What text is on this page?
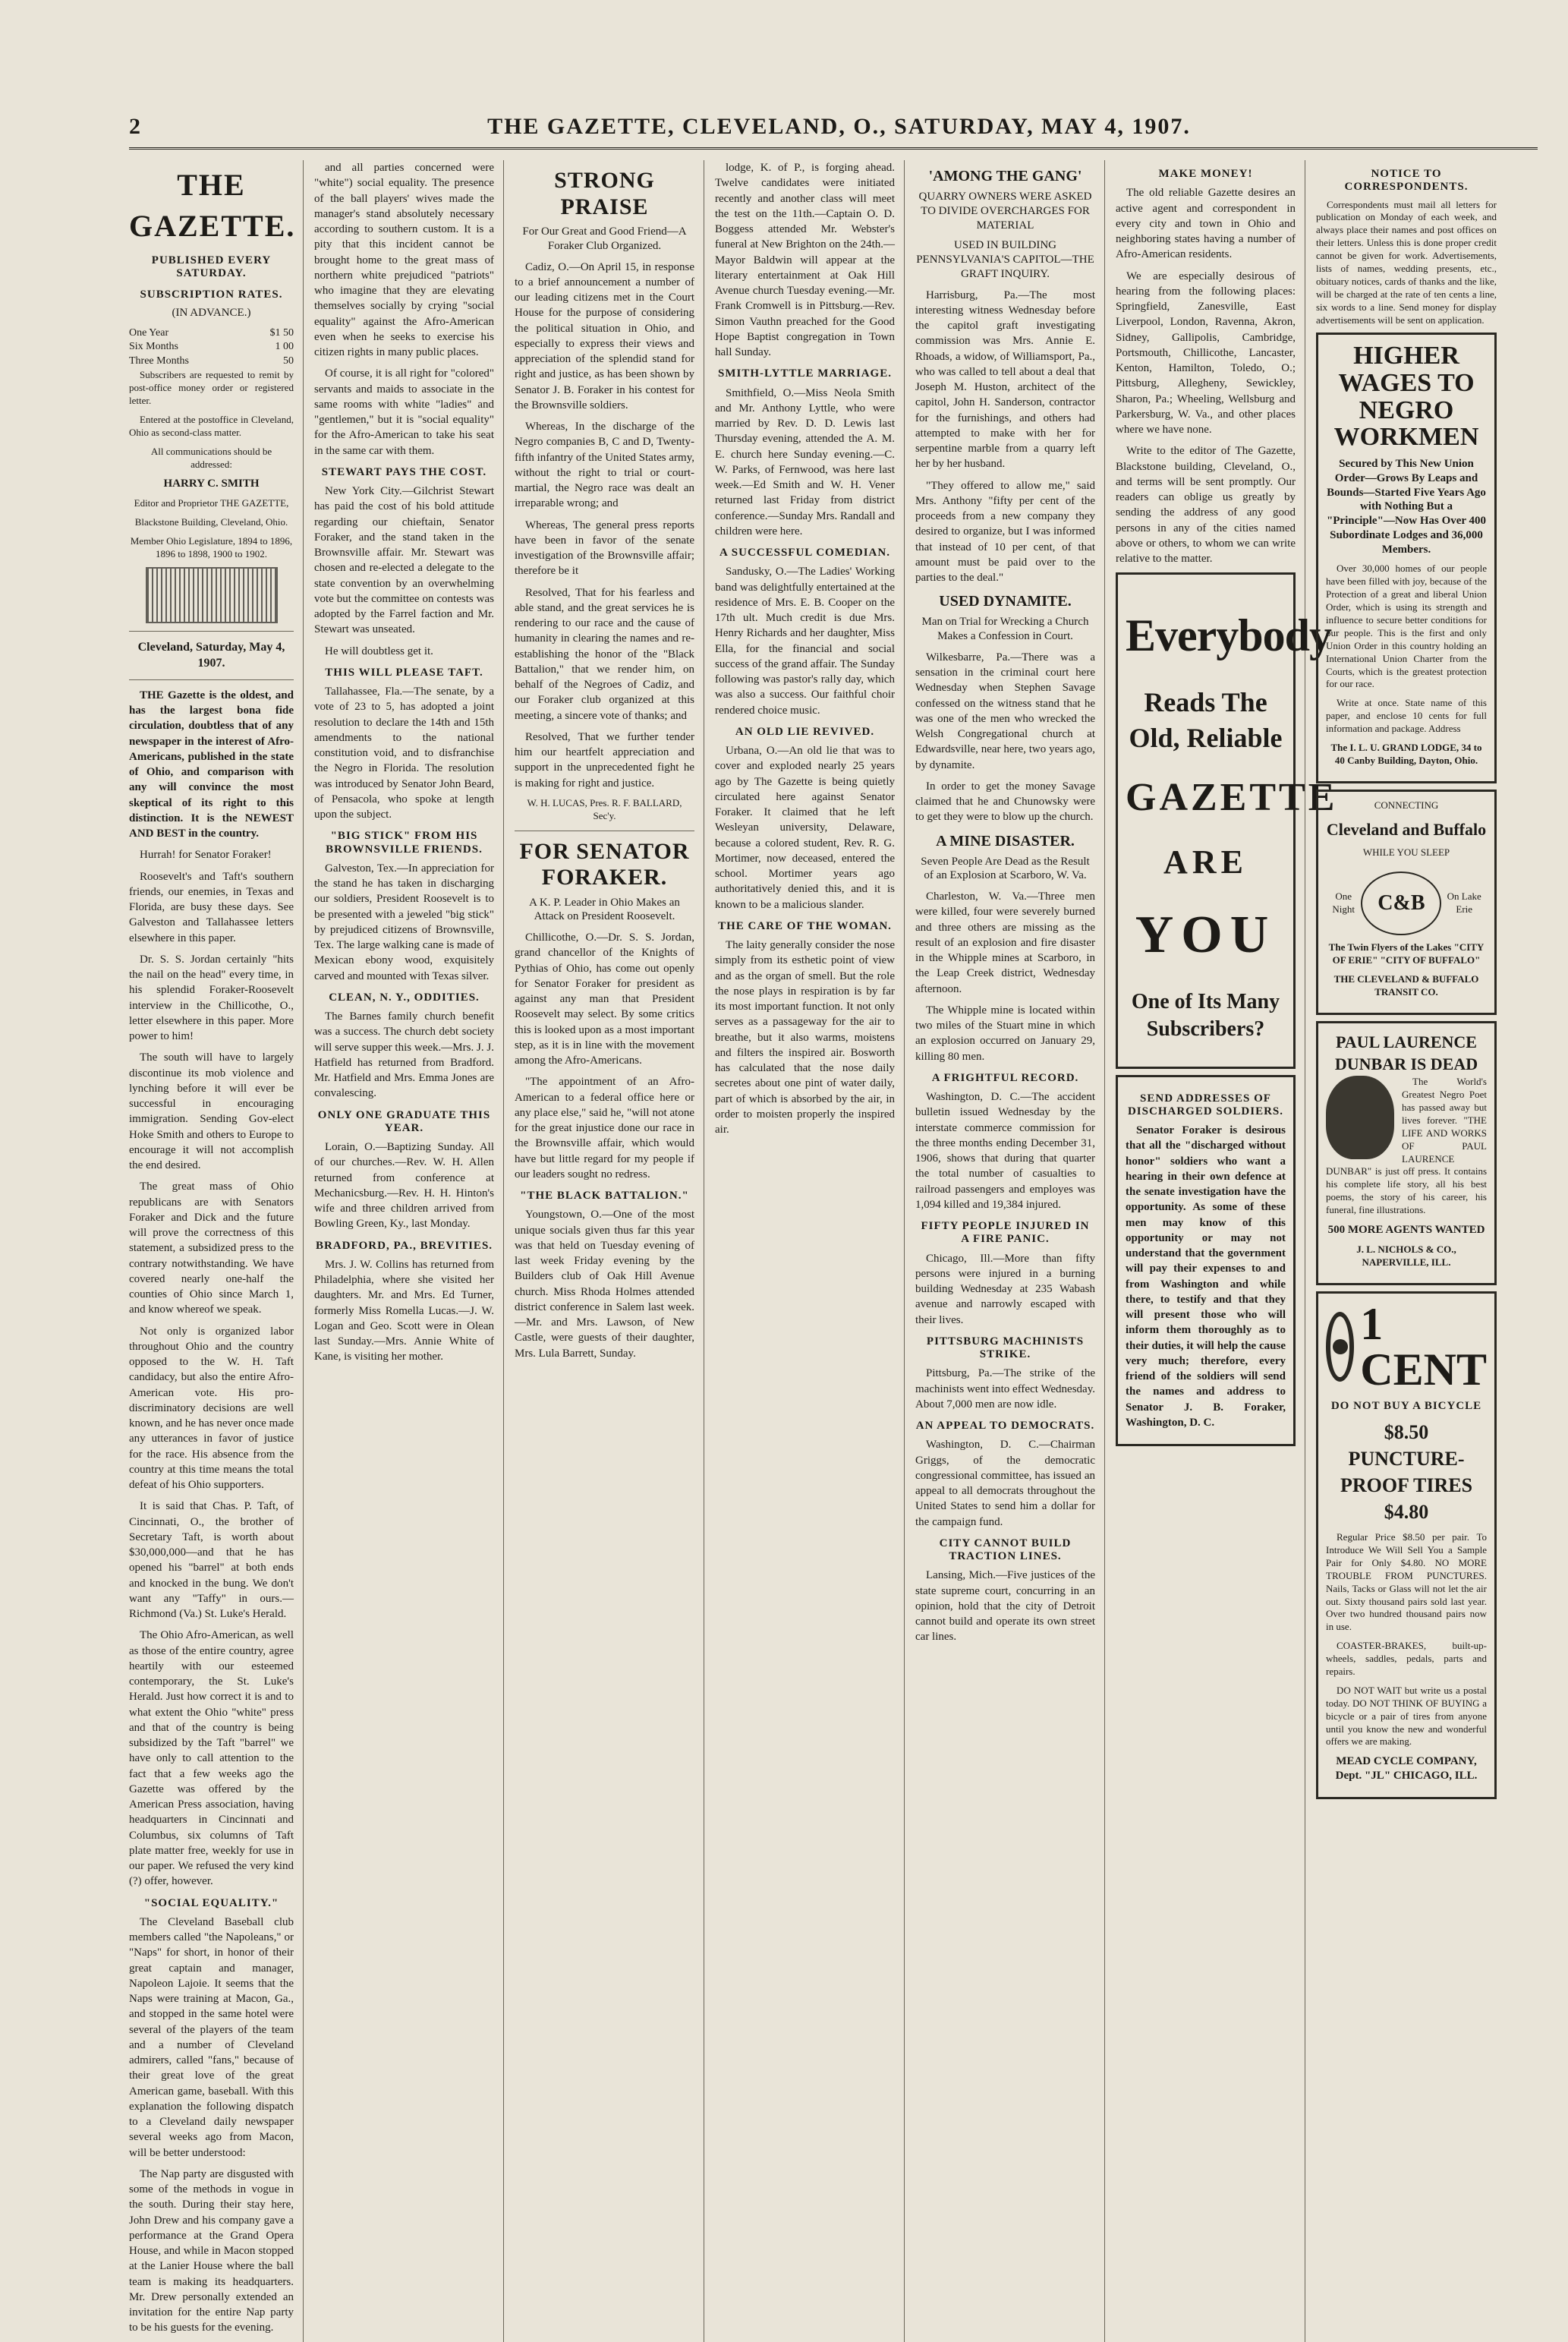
2	THE GAZETTE, CLEVELAND, O., SATURDAY, MAY 4, 1907.
THE GAZETTE.
PUBLISHED EVERY SATURDAY.
SUBSCRIPTION RATES.
(IN ADVANCE.)
One Year	$1 50
Six Months	1 00
Three Months	50

Subscribers are requested to remit by post-office money order or registered letter.

Entered at the postoffice in Cleveland, Ohio as second-class matter.

All communications should be addressed:
HARRY C. SMITH
Editor and Proprietor THE GAZETTE,
Blackstone Building, Cleveland, Ohio.
Member Ohio Legislature, 1894 to 1896, 1896 to 1898, 1900 to 1902.
Cleveland, Saturday, May 4, 1907.

THE Gazette is the oldest, and has the largest bona fide circulation, doubtless that of any newspaper in the interest of Afro-Americans, published in the state of Ohio, and comparison with any will convince the most skeptical of its right to this distinction. It is the NEWEST AND BEST in the country.

Hurrah! for Senator Foraker!

Roosevelt's and Taft's southern friends, our enemies, in Texas and Florida, are busy these days. See Galveston and Tallahassee letters elsewhere in this paper.

Dr. S. S. Jordan certainly "hits the nail on the head" every time, in his splendid Foraker-Roosevelt interview in the Chillicothe, O., letter elsewhere in this paper. More power to him!

The south will have to largely discontinue its mob violence and lynching before it will ever be successful in encouraging immigration. Sending Gov-elect Hoke Smith and others to Europe to encourage it will not accomplish the end desired.

The great mass of Ohio republicans are with Senators Foraker and Dick and the future will prove the correctness of this statement, a subsidized press to the contrary notwithstanding. We have covered nearly one-half the counties of Ohio since March 1, and know whereof we speak.

Not only is organized labor throughout Ohio and the country opposed to the W. H. Taft candidacy, but also the entire Afro-American vote. His pro-discriminatory decisions are well known, and he has never once made any utterances in favor of justice for the race. His absence from the country at this time means the total defeat of his Ohio supporters.

It is said that Chas. P. Taft, of Cincinnati, O., the brother of Secretary Taft, is worth about $30,000,000—and that he has opened his "barrel" at both ends and knocked in the bung. We don't want any "Taffy" in ours.—Richmond (Va.) St. Luke's Herald.

The Ohio Afro-American, as well as those of the entire country, agree heartily with our esteemed contemporary, the St. Luke's Herald. Just how correct it is and to what extent the Ohio "white" press and that of the country is being subsidized by the Taft "barrel" we have only to call attention to the fact that a few weeks ago the Gazette was offered by the American Press association, having headquarters in Cincinnati and Columbus, six columns of Taft plate matter free, weekly for use in our paper. We refused the very kind (?) offer, however.

"SOCIAL EQUALITY."

The Cleveland Baseball club members called "the Napoleans," or "Naps" for short, in honor of their great captain and manager, Napoleon Lajoie. It seems that the Naps were training at Macon, Ga., and stopped in the same hotel were several of the players of the team and a number of Cleveland admirers, called "fans," because of their great love of the great American game, baseball. With this explanation the following dispatch to a Cleveland daily newspaper several weeks ago from Macon, will be better understood:

The Nap party are disgusted with some of the methods in vogue in the south. During their stay here, John Drew and his company gave a performance at the Grand Opera House, and while in Macon stopped at the Lanier House where the ball team is making its headquarters. Mr. Drew personally extended an invitation for the entire Nap party to be his guests for the evening.

and all parties concerned were "white") social equality. The presence of the ball players' wives made the manager's stand absolutely necessary according to southern custom. It is a pity that this incident cannot be brought home to the great mass of northern white prejudiced "patriots" who imagine that they are elevating themselves socially by crying "social equality" against the Afro-American even when he seeks to exercise his citizen rights in many public places.

Of course, it is all right for "colored" servants and maids to associate in the same rooms with white "ladies" and "gentlemen," but it is "social equality" for the Afro-American to take his seat in the same car with them.

STEWART PAYS THE COST.

New York City.—Gilchrist Stewart has paid the cost of his bold attitude regarding our chieftain, Senator Foraker, and the stand taken in the Brownsville affair. Mr. Stewart was chosen and re-elected a delegate to the state convention by an overwhelming vote but the committee on contests was adopted by the Farrel faction and Mr. Stewart was unseated.

He will doubtless get it.

THIS WILL PLEASE TAFT.

Tallahassee, Fla.—The senate, by a vote of 23 to 5, has adopted a joint resolution to declare the 14th and 15th amendments to the national constitution void, and to disfranchise the Negro in Florida. The resolution was introduced by Senator John Beard, of Pensacola, who spoke at length upon the subject.

"BIG STICK" FROM HIS BROWNSVILLE FRIENDS.

Galveston, Tex.—In appreciation for the stand he has taken in discharging our soldiers, President Roosevelt is to be presented with a jeweled "big stick" by prejudiced citizens of Brownsville, Tex. The large walking cane is made of Mexican ebony wood, exquisitely carved and mounted with Texas silver.

CLEAN, N. Y., ODDITIES.

The Barnes family church benefit was a success. The church debt society will serve supper this week.—Mrs. J. J. Hatfield has returned from Bradford. Mr. Hatfield and Mrs. Emma Jones are convalescing.

ONLY ONE GRADUATE THIS YEAR.

Lorain, O.—Baptizing Sunday. All of our churches.—Rev. W. H. Allen returned from conference at Mechanicsburg.—Rev. H. H. Hinton's wife and three children arrived from Bowling Green, Ky., last Monday.

BRADFORD, PA., BREVITIES.

Mrs. J. W. Collins has returned from Philadelphia, where she visited her daughters. Mr. and Mrs. Ed Turner, formerly Miss Romella Lucas.—J. W. Logan and Geo. Scott were in Olean last Sunday.—Mrs. Annie White of Kane, is visiting her mother.

STRONG PRAISE
For Our Great and Good Friend—A Foraker Club Organized.

Cadiz, O.—On April 15, in response to a brief announcement a number of our leading citizens met in the Court House for the purpose of considering the political situation in Ohio, and especially to express their views and appreciation of the splendid stand for right and justice, as has been shown by Senator J. B. Foraker in his contest for the Brownsville soldiers.

Whereas, In the discharge of the Negro companies B, C and D, Twenty-fifth infantry of the United States army, without the right to trial or court-martial, the Negro race was dealt an irreparable wrong; and

Whereas, The general press reports have been in favor of the senate investigation of the Brownsville affair; therefore be it

Resolved, That for his fearless and able stand, and the great services he is rendering to our race and the cause of humanity in clearing the names and re-establishing the honor of the "Black Battalion," that we render him, on behalf of the Negroes of Cadiz, and our Foraker club organized at this meeting, a sincere vote of thanks; and

Resolved, That we further tender him our heartfelt appreciation and support in the unprecedented fight he is making for right and justice.

W. H. LUCAS, Pres. R. F. BALLARD, Sec'y.
FOR SENATOR FORAKER.
A K. P. Leader in Ohio Makes an Attack on President Roosevelt.

Chillicothe, O.—Dr. S. S. Jordan, grand chancellor of the Knights of Pythias of Ohio, has come out openly for Senator Foraker for president as against any man that President Roosevelt may select. By some critics this is looked upon as a most important step, as it is in line with the movement among the Afro-Americans.

"The appointment of an Afro-American to a federal office here or any place else," said he, "will not atone for the great injustice done our race in the Brownsville affair, which would have but little regard for my people if our leaders sought no redress.

"THE BLACK BATTALION."

Youngstown, O.—One of the most unique socials given thus far this year was that held on Tuesday evening of last week Friday evening by the Builders club of Oak Hill Avenue church. Miss Rhoda Holmes attended district conference in Salem last week.—Mr. and Mrs. Lawson, of New Castle, were guests of their daughter, Mrs. Lula Barrett, Sunday.

lodge, K. of P., is forging ahead. Twelve candidates were initiated recently and another class will meet the test on the 11th.—Captain O. D. Boggess attended Mr. Webster's funeral at New Brighton on the 24th.—Mayor Baldwin will appear at the literary entertainment at Oak Hill Avenue church Tuesday evening.—Mr. Frank Cromwell is in Pittsburg.—Rev. Simon Vauthn preached for the Good Hope Baptist congregation in Town hall Sunday.

SMITH-LYTTLE MARRIAGE.

Smithfield, O.—Miss Neola Smith and Mr. Anthony Lyttle, who were married by Rev. D. D. Lewis last Thursday evening, attended the A. M. E. church here Sunday evening.—C. W. Parks, of Fernwood, was here last week.—Ed Smith and W. H. Vener returned last Friday from district conference.—Sunday Mrs. Randall and children were here.

A SUCCESSFUL COMEDIAN.

Sandusky, O.—The Ladies' Working band was delightfully entertained at the residence of Mrs. E. B. Cooper on the 17th ult. Much credit is due Mrs. Henry Richards and her daughter, Miss Ella, for the financial and social success of the grand affair. The Sunday following was pastor's rally day, which was also a success. Our faithful choir rendered choice music.

AN OLD LIE REVIVED.

Urbana, O.—An old lie that was to cover and exploded nearly 25 years ago by The Gazette is being quietly circulated here against Senator Foraker. It claimed that he left Wesleyan university, Delaware, because a colored student, Rev. R. G. Mortimer, now deceased, entered the school. Mortimer years ago authoritatively denied this, and it is known to be a malicious slander.

THE CARE OF THE WOMAN.

The laity generally consider the nose simply from its esthetic point of view and as the organ of smell. But the role the nose plays in respiration is by far its most important function. It not only serves as a passageway for the air to breathe, but it also warms, moistens and filters the inspired air. Bosworth has calculated that the nose daily secretes about one pint of water daily, part of which is absorbed by the air, in order to moisten properly the inspired air.

'AMONG THE GANG'
QUARRY OWNERS WERE ASKED TO DIVIDE OVERCHARGES FOR MATERIAL
USED IN BUILDING PENNSYLVANIA'S CAPITOL—THE GRAFT INQUIRY.

Harrisburg, Pa.—The most interesting witness Wednesday before the capitol graft investigating commission was Mrs. Annie E. Rhoads, a widow, of Williamsport, Pa., who was called to tell about a deal that Joseph M. Huston, architect of the capitol, John H. Sanderson, contractor for the furnishings, and others had attempted to make with her for serpentine marble from a quarry left her by her husband.

"They offered to allow me," said Mrs. Anthony "fifty per cent of the proceeds from a new company they desired to organize, but I was informed that instead of 10 per cent, of that amount must be paid over to the parties to the deal."

USED DYNAMITE.
Man on Trial for Wrecking a Church Makes a Confession in Court.

Wilkesbarre, Pa.—There was a sensation in the criminal court here Wednesday when Stephen Savage confessed on the witness stand that he was one of the men who wrecked the Welsh Congregational church at Edwardsville, near here, two years ago, by dynamite.

In order to get the money Savage claimed that he and Chunowsky were to get they were to blow up the church.

A MINE DISASTER.
Seven People Are Dead as the Result of an Explosion at Scarboro, W. Va.

Charleston, W. Va.—Three men were killed, four were severely burned and three others are missing as the result of an explosion and fire disaster in the Whipple mines at Scarboro, in the Leap Creek district, Wednesday afternoon.

The Whipple mine is located within two miles of the Stuart mine in which an explosion occurred on January 29, killing 80 men.

A FRIGHTFUL RECORD.

Washington, D. C.—The accident bulletin issued Wednesday by the interstate commerce commission for the three months ending December 31, 1906, shows that during that quarter the total number of casualties to railroad passengers and employes was 1,094 killed and 19,384 injured.

FIFTY PEOPLE INJURED IN A FIRE PANIC.

Chicago, Ill.—More than fifty persons were injured in a burning building Wednesday at 235 Wabash avenue and narrowly escaped with their lives.

PITTSBURG MACHINISTS STRIKE.

Pittsburg, Pa.—The strike of the machinists went into effect Wednesday. About 7,000 men are now idle.

AN APPEAL TO DEMOCRATS.

Washington, D. C.—Chairman Griggs, of the democratic congressional committee, has issued an appeal to all democrats throughout the United States to send him a dollar for the campaign fund.

CITY CANNOT BUILD TRACTION LINES.

Lansing, Mich.—Five justices of the state supreme court, concurring in an opinion, hold that the city of Detroit cannot build and operate its own street car lines.

MAKE MONEY!

The old reliable Gazette desires an active agent and correspondent in every city and town in Ohio and neighboring states having a number of Afro-American residents.

We are especially desirous of hearing from the following places: Springfield, Zanesville, East Liverpool, London, Ravenna, Akron, Sidney, Gallipolis, Cambridge, Portsmouth, Chillicothe, Lancaster, Kenton, Hamilton, Toledo, O.; Pittsburg, Allegheny, Sewickley, Sharon, Pa.; Wheeling, Wellsburg and Parkersburg, W. Va., and other places where we have none.

Write to the editor of The Gazette, Blackstone building, Cleveland, O., and terms will be sent promptly. Our readers can oblige us greatly by sending the address of any good persons in any of the cities named above or others, to whom we can write relative to the matter.

Everybody
Reads The Old, Reliable
GAZETTE
ARE
YOU
One of Its Many Subscribers?
SEND ADDRESSES OF DISCHARGED SOLDIERS.

Senator Foraker is desirous that all the "discharged without honor" soldiers who want a hearing in their own defence at the senate investigation have the opportunity. As some of these men may know of this opportunity or may not understand that the government will pay their expenses to and from Washington and while there, to testify and that they will present those who will inform them thoroughly as to their duties, it will help the cause very much; therefore, every friend of the soldiers will send the names and address to Senator J. B. Foraker, Washington, D. C.

NOTICE TO CORRESPONDENTS.

Correspondents must mail all letters for publication on Monday of each week, and always place their names and post offices on their letters. Unless this is done proper credit cannot be given for work. Advertisements, lists of names, wedding presents, etc., obituary notices, cards of thanks and the like, will be charged at the rate of ten cents a line, six words to a line. Send money for display advertisements will be sent on application.

HIGHER WAGES TO NEGRO WORKMEN
Secured by This New Union Order—Grows By Leaps and Bounds—Started Five Years Ago with Nothing But a "Principle"—Now Has Over 400 Subordinate Lodges and 36,000 Members.

Over 30,000 homes of our people have been filled with joy, because of the Protection of a great and liberal Union Order, which is using its strength and influence to secure better conditions for our people. This is the first and only Union Order in this country holding an International Union Charter from the Courts, which is the greatest protection for our race.

Write at once. State name of this paper, and enclose 10 cents for full information and package. Address

The I. L. U. GRAND LODGE, 34 to 40 Canby Building, Dayton, Ohio.
CONNECTING
Cleveland and Buffalo
WHILE YOU SLEEP
One Night	C&B	On Lake Erie
The Twin Flyers of the Lakes "CITY OF ERIE" "CITY OF BUFFALO"
THE CLEVELAND & BUFFALO TRANSIT CO.
PAUL LAURENCE DUNBAR IS DEAD

The World's Greatest Negro Poet has passed away but lives forever. "THE LIFE AND WORKS OF PAUL LAURENCE DUNBAR" is just off press. It contains his complete life story, all his best poems, the story of his career, his funeral, fine illustrations.

500 MORE AGENTS WANTED
J. L. NICHOLS & CO., NAPERVILLE, ILL.
1 CENT
DO NOT BUY A BICYCLE
$8.50 PUNCTURE-PROOF TIRES $4.80

Regular Price $8.50 per pair. To Introduce We Will Sell You a Sample Pair for Only $4.80. NO MORE TROUBLE FROM PUNCTURES. Nails, Tacks or Glass will not let the air out. Sixty thousand pairs sold last year. Over two hundred thousand pairs now in use.

COASTER-BRAKES, built-up-wheels, saddles, pedals, parts and repairs.

DO NOT WAIT but write us a postal today. DO NOT THINK OF BUYING a bicycle or a pair of tires from anyone until you know the new and wonderful offers we are making.

MEAD CYCLE COMPANY, Dept. "JL" CHICAGO, ILL.
